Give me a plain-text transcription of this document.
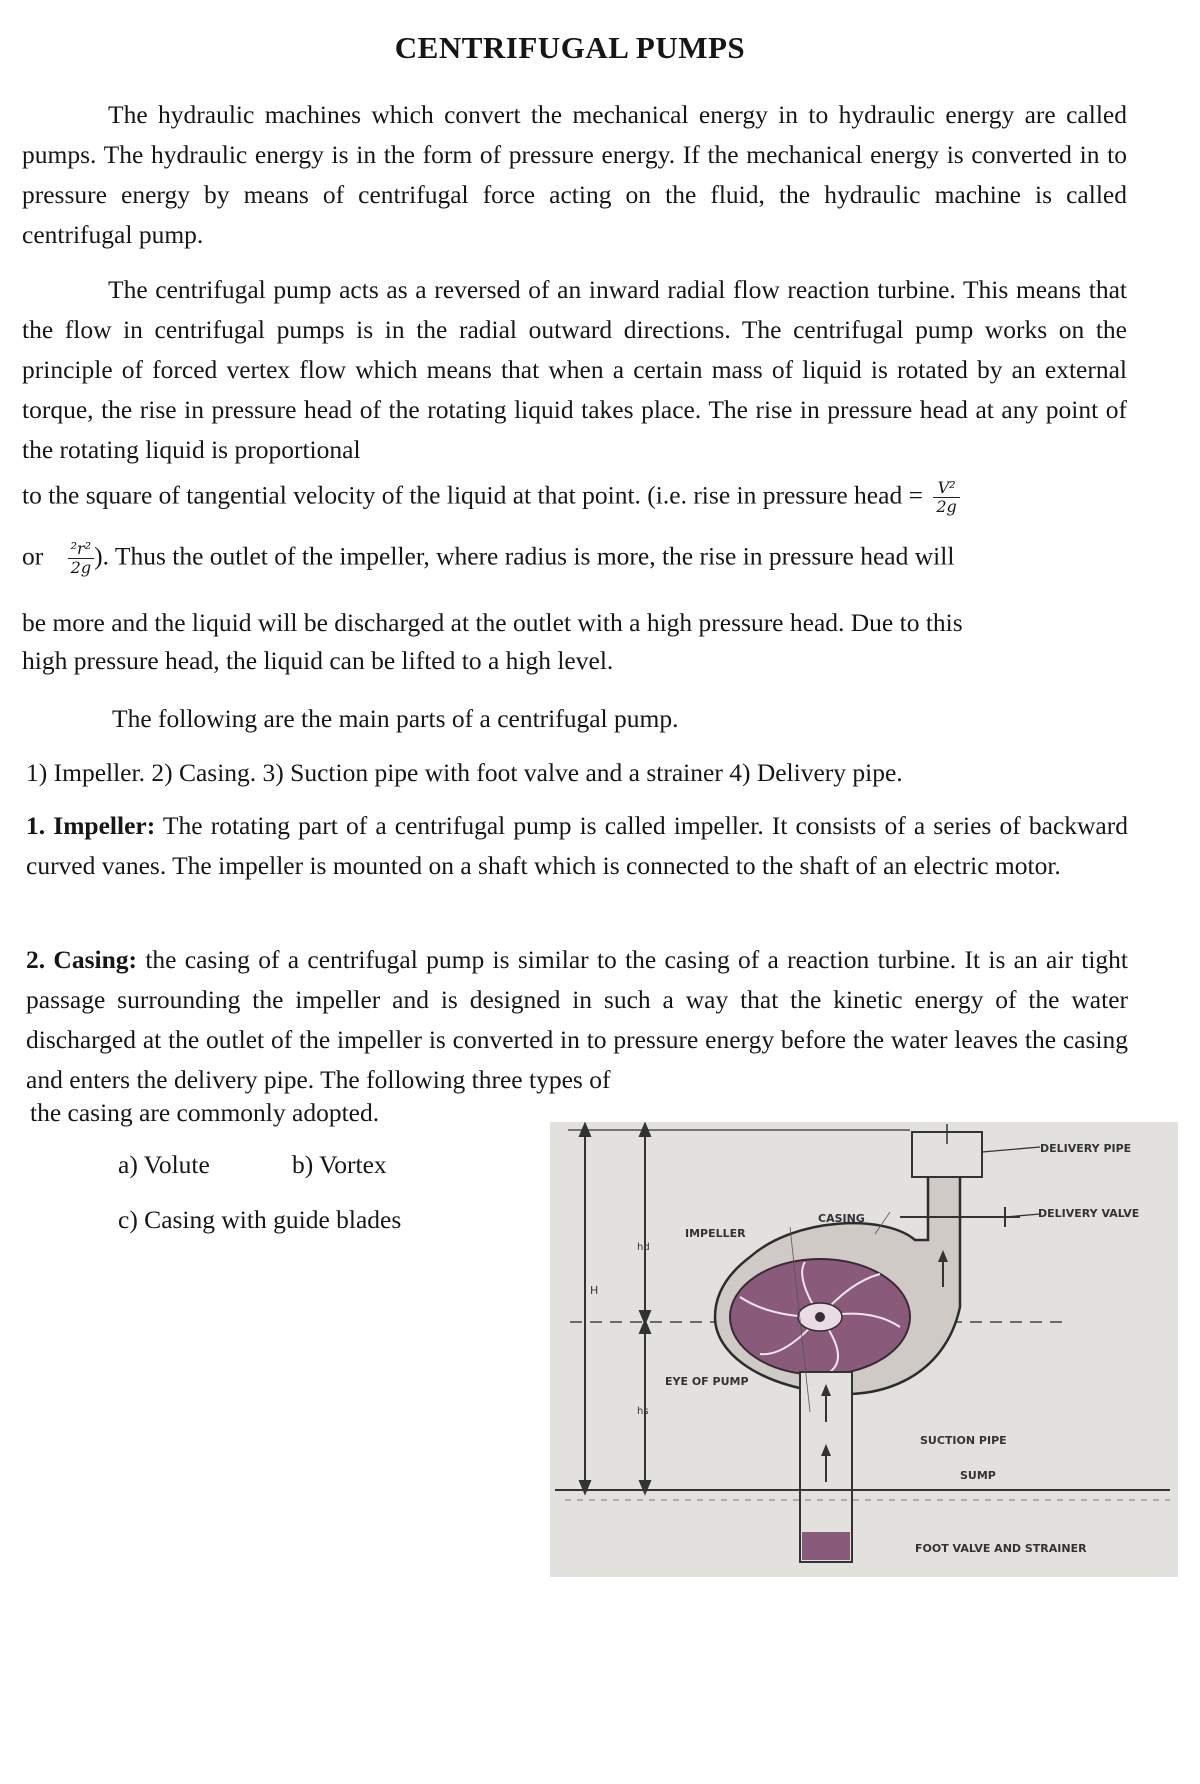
CENTRIFUGAL PUMPS

The hydraulic machines which convert the mechanical energy in to hydraulic energy are called pumps. The hydraulic energy is in the form of pressure energy. If the mechanical energy is converted in to pressure energy by means of centrifugal force acting on the fluid, the hydraulic machine is called centrifugal pump.

The centrifugal pump acts as a reversed of an inward radial flow reaction turbine. This means that the flow in centrifugal pumps is in the radial outward directions. The centrifugal pump works on the principle of forced vertex flow which means that when a certain mass of liquid is rotated by an external torque, the rise in pressure head of the rotating liquid takes place. The rise in pressure head at any point of the rotating liquid is proportional

to the square of tangential velocity of the liquid at that point. (i.e. rise in pressure head = $\frac{\text{V²}}{2g}$
or $\frac{\text{²r²}}{2g}$ ). Thus the outlet of the impeller, where radius is more, the rise in pressure head will
be more and the liquid will be discharged at the outlet with a high pressure head. Due to this
high pressure head, the liquid can be lifted to a high level.
The following are the main parts of a centrifugal pump.
1) Impeller. 2) Casing. 3) Suction pipe with foot valve and a strainer 4) Delivery pipe.

1. Impeller: The rotating part of a centrifugal pump is called impeller. It consists of a series of backward curved vanes. The impeller is mounted on a shaft which is connected to the shaft of an electric motor.

2. Casing: the casing of a centrifugal pump is similar to the casing of a reaction turbine. It is an air tight passage surrounding the impeller and is designed in such a way that the kinetic energy of the water discharged at the outlet of the impeller is converted in to pressure energy before the water leaves the casing and enters the delivery pipe. The following three types of

the casing are commonly adopted.
a) Volute	b) Vortex
c) Casing with guide blades
H
hd
hs
DELIVERY PIPE
DELIVERY VALVE
CASING
IMPELLER
EYE OF PUMP
SUCTION PIPE
SUMP
FOOT VALVE AND STRAINER
